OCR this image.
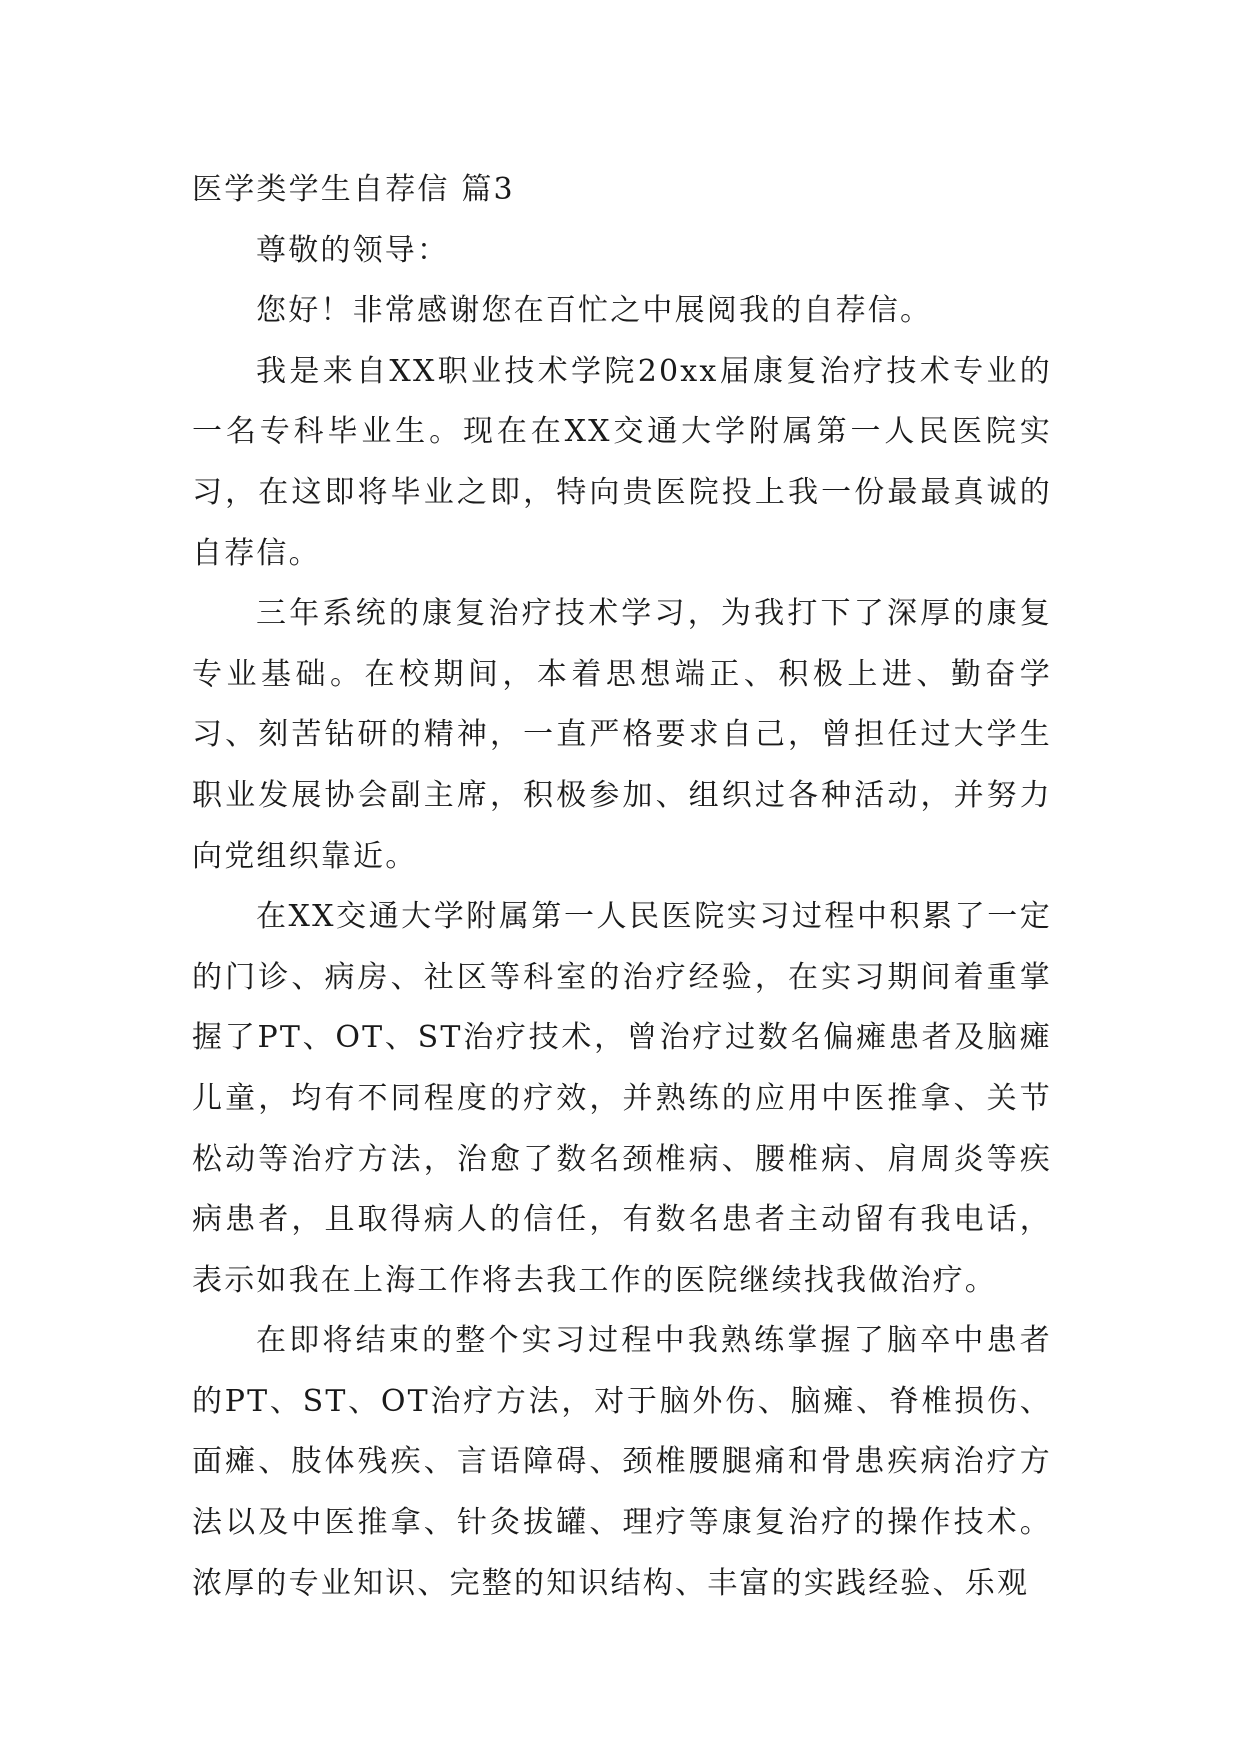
医学类学生自荐信 篇3

尊敬的领导：

您好！非常感谢您在百忙之中展阅我的自荐信。

我是来自XX职业技术学院20xx届康复治疗技术专业的一名专科毕业生。现在在XX交通大学附属第一人民医院实习，在这即将毕业之即，特向贵医院投上我一份最最真诚的自荐信。

三年系统的康复治疗技术学习，为我打下了深厚的康复专业基础。在校期间，本着思想端正、积极上进、勤奋学习、刻苦钻研的精神，一直严格要求自己，曾担任过大学生职业发展协会副主席，积极参加、组织过各种活动，并努力向党组织靠近。

在XX交通大学附属第一人民医院实习过程中积累了一定的门诊、病房、社区等科室的治疗经验，在实习期间着重掌握了PT、OT、ST治疗技术，曾治疗过数名偏瘫患者及脑瘫儿童，均有不同程度的疗效，并熟练的应用中医推拿、关节松动等治疗方法，治愈了数名颈椎病、腰椎病、肩周炎等疾病患者，且取得病人的信任，有数名患者主动留有我电话，表示如我在上海工作将去我工作的医院继续找我做治疗。

在即将结束的整个实习过程中我熟练掌握了脑卒中患者的PT、ST、OT治疗方法，对于脑外伤、脑瘫、脊椎损伤、面瘫、肢体残疾、言语障碍、颈椎腰腿痛和骨患疾病治疗方法以及中医推拿、针灸拔罐、理疗等康复治疗的操作技术。浓厚的专业知识、完整的知识结构、丰富的实践经验、乐观
